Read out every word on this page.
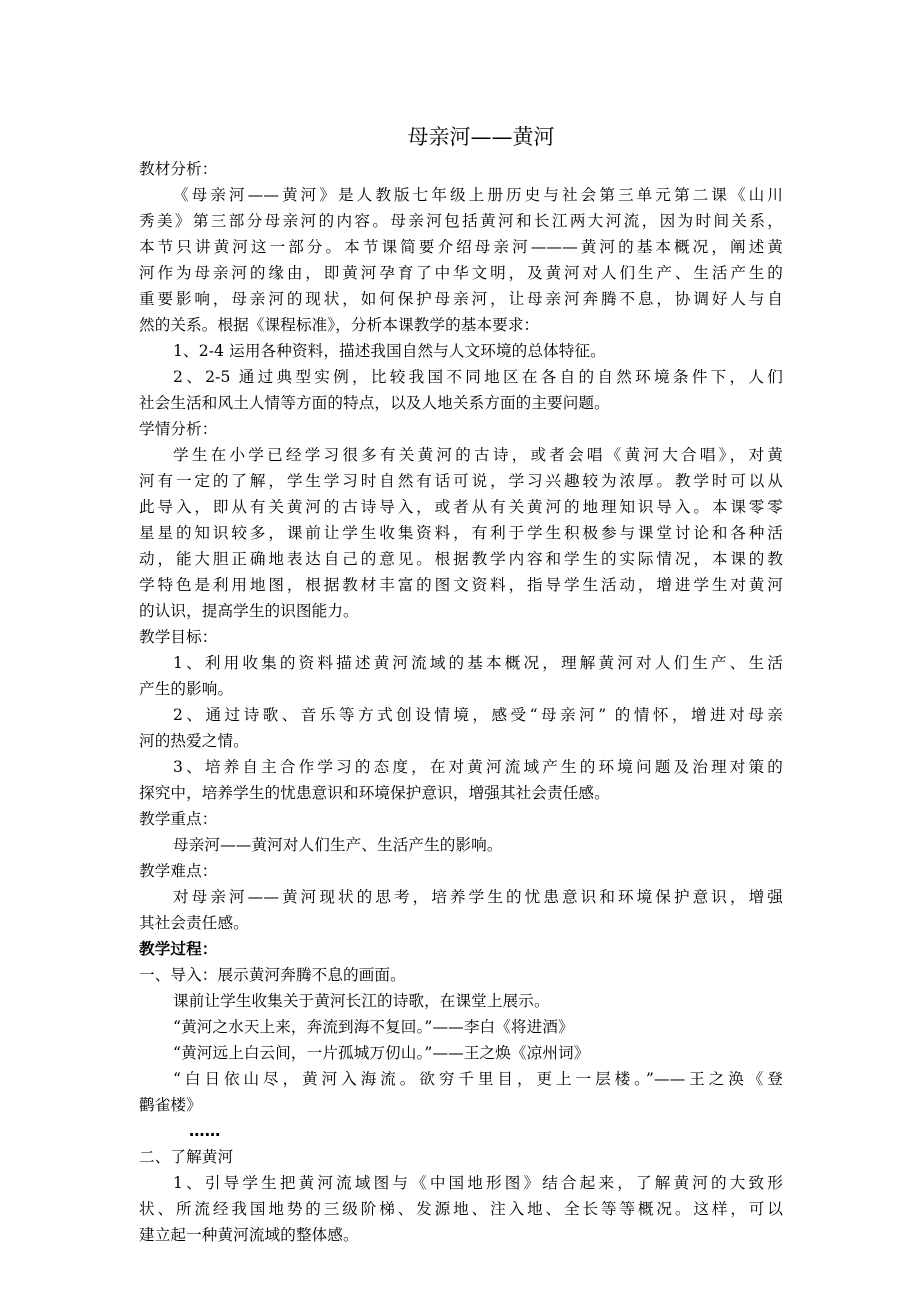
母亲河——黄河
教材分析：
《母亲河——黄河》是人教版七年级上册历史与社会第三单元第二课《山川
秀美》第三部分母亲河的内容。母亲河包括黄河和长江两大河流，因为时间关系，
本节只讲黄河这一部分。本节课简要介绍母亲河———黄河的基本概况，阐述黄
河作为母亲河的缘由，即黄河孕育了中华文明，及黄河对人们生产、生活产生的
重要影响，母亲河的现状，如何保护母亲河，让母亲河奔腾不息，协调好人与自
然的关系。根据《课程标准》，分析本课教学的基本要求：
1、2-4 运用各种资料，描述我国自然与人文环境的总体特征。
2、2-5 通过典型实例，比较我国不同地区在各自的自然环境条件下，人们
社会生活和风土人情等方面的特点，以及人地关系方面的主要问题。
学情分析：
学生在小学已经学习很多有关黄河的古诗，或者会唱《黄河大合唱》，对黄
河有一定的了解，学生学习时自然有话可说，学习兴趣较为浓厚。教学时可以从
此导入，即从有关黄河的古诗导入，或者从有关黄河的地理知识导入。本课零零
星星的知识较多，课前让学生收集资料，有利于学生积极参与课堂讨论和各种活
动，能大胆正确地表达自己的意见。根据教学内容和学生的实际情况，本课的教
学特色是利用地图，根据教材丰富的图文资料，指导学生活动，增进学生对黄河
的认识，提高学生的识图能力。
教学目标：
1、利用收集的资料描述黄河流域的基本概况，理解黄河对人们生产、生活
产生的影响。
2、通过诗歌、音乐等方式创设情境，感受“母亲河” 的情怀，增进对母亲
河的热爱之情。
3、培养自主合作学习的态度，在对黄河流域产生的环境问题及治理对策的
探究中，培养学生的忧患意识和环境保护意识，增强其社会责任感。
教学重点：
母亲河——黄河对人们生产、生活产生的影响。
教学难点：
对母亲河——黄河现状的思考，培养学生的忧患意识和环境保护意识，增强
其社会责任感。
教学过程：
一、导入：展示黄河奔腾不息的画面。
课前让学生收集关于黄河长江的诗歌，在课堂上展示。
“黄河之水天上来，奔流到海不复回。”——李白《将进酒》
“黄河远上白云间，一片孤城万仞山。”——王之焕《凉州词》
“白日依山尽，黄河入海流。欲穷千里目，更上一层楼。”——王之涣《登
鹳雀楼》
……
二、了解黄河
1、引导学生把黄河流域图与《中国地形图》结合起来，了解黄河的大致形
状、所流经我国地势的三级阶梯、发源地、注入地、全长等等概况。这样，可以
建立起一种黄河流域的整体感。
